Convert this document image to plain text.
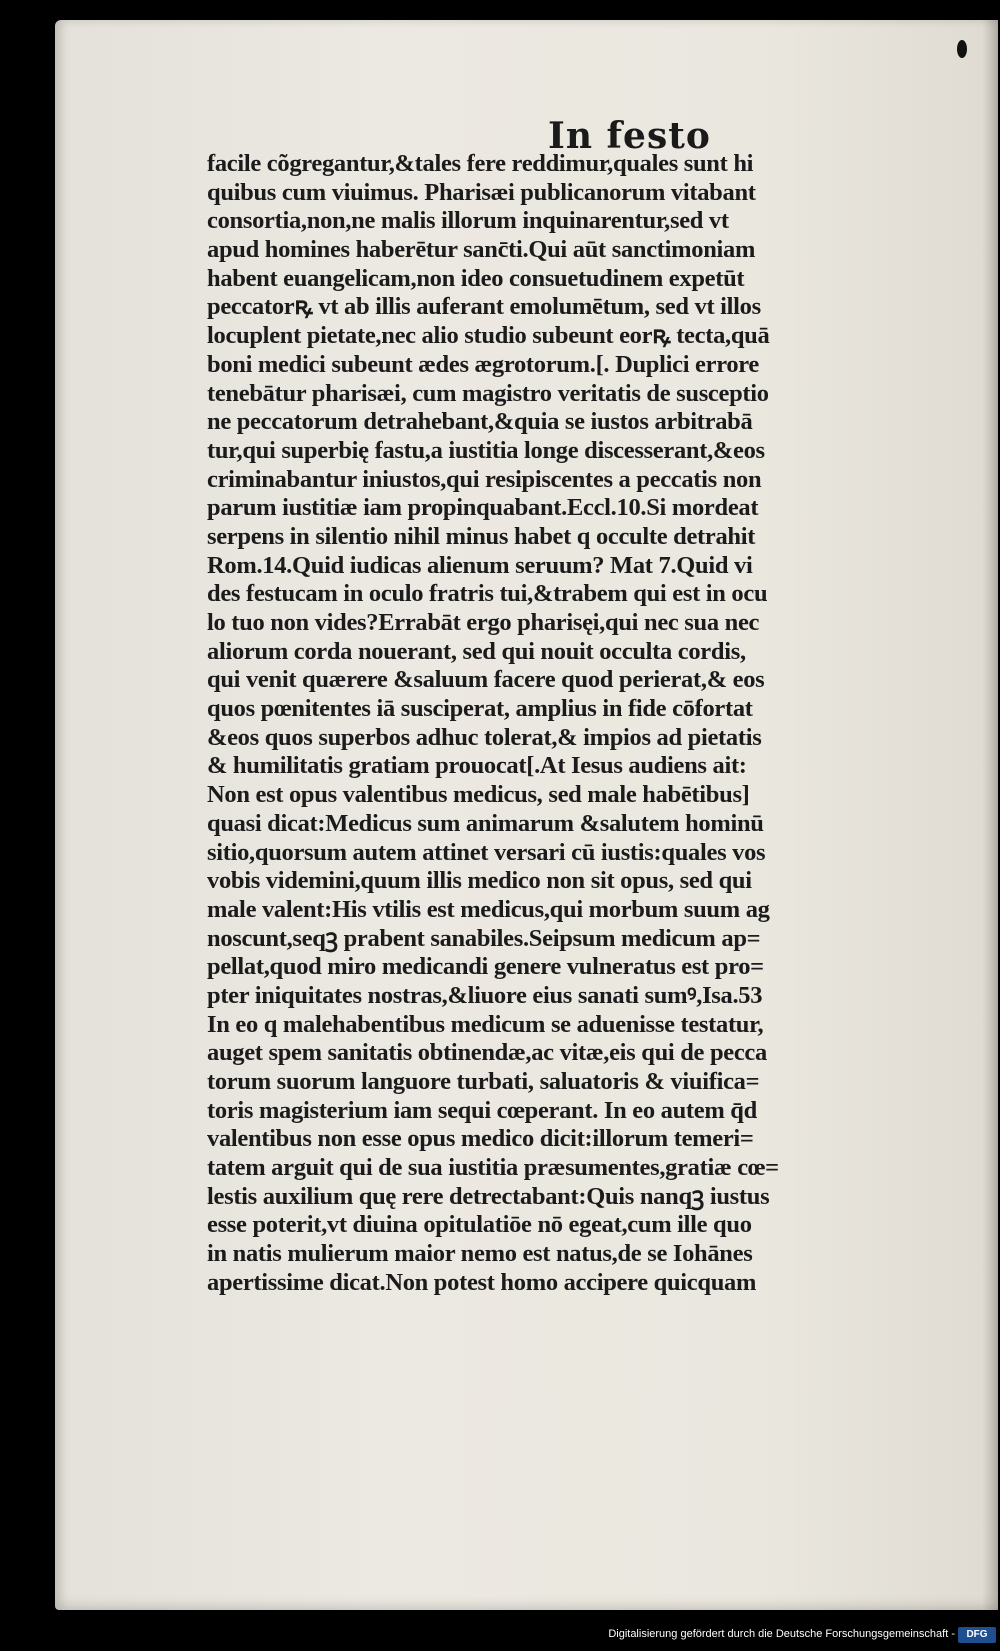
In festo
facile cõgregantur,&tales fere reddimur,quales sunt hi
quibus cum viuimus. Pharisæi publicanorum vitabant
consortia,non,ne malis illorum inquinarentur,sed vt
apud homines haberētur sanc̄ti.Qui aūt sanctimoniam
habent euangelicam,non ideo consuetudinem expetūt
peccatorꝶ vt ab illis auferant emolumētum, sed vt illos
locuplent pietate,nec alio studio subeunt eorꝶ tecta,quā
boni medici subeunt ædes ægrotorum.[. Duplici errore
tenebātur pharisæi, cum magistro veritatis de susceptio
ne peccatorum detrahebant,&quia se iustos arbitrabā
tur,qui superbię fastu,a iustitia longe discesserant,&eos
criminabantur iniustos,qui resipiscentes a peccatis non
parum iustitiæ iam propinquabant.Eccl.10.Si mordeat
serpens in silentio nihil minus habet q occulte detrahit
Rom.14.Quid iudicas alienum seruum? Mat 7.Quid vi
des festucam in oculo fratris tui,&trabem qui est in ocu
lo tuo non vides?Errabāt ergo pharisęi,qui nec sua nec
aliorum corda nouerant, sed qui nouit occulta cordis,
qui venit quærere &saluum facere quod perierat,& eos
quos pœnitentes iā susciperat, amplius in fide cōfortat
&eos quos superbos adhuc tolerat,& impios ad pietatis
& humilitatis gratiam prouocat[.At Iesus audiens ait:
Non est opus valentibus medicus, sed male habētibus]
quasi dicat:Medicus sum animarum &salutem hominū
sitio,quorsum autem attinet versari cū iustis:quales vos
vobis videmini,quum illis medico non sit opus, sed qui
male valent:His vtilis est medicus,qui morbum suum ag
noscunt,seqꝫ prabent sanabiles.Seipsum medicum ap=
pellat,quod miro medicandi genere vulneratus est pro=
pter iniquitates nostras,&liuore eius sanati sumꝰ,Isa.53
In eo q malehabentibus medicum se aduenisse testatur,
auget spem sanitatis obtinendæ,ac vitæ,eis qui de pecca
torum suorum languore turbati, saluatoris & viuifica=
toris magisterium iam sequi cœperant. In eo autem q̄d
valentibus non esse opus medico dicit:illorum temeri=
tatem arguit qui de sua iustitia præsumentes,gratiæ cœ=
lestis auxilium quę rere detrectabant:Quis nanqꝫ iustus
esse poterit,vt diuina opitulatiōe nō egeat,cum ille quo
in natis mulierum maior nemo est natus,de se Iohānes
apertissime dicat.Non potest homo accipere quicquam
Digitalisierung gefördert durch die Deutsche Forschungsgemeinschaft -	DFG
